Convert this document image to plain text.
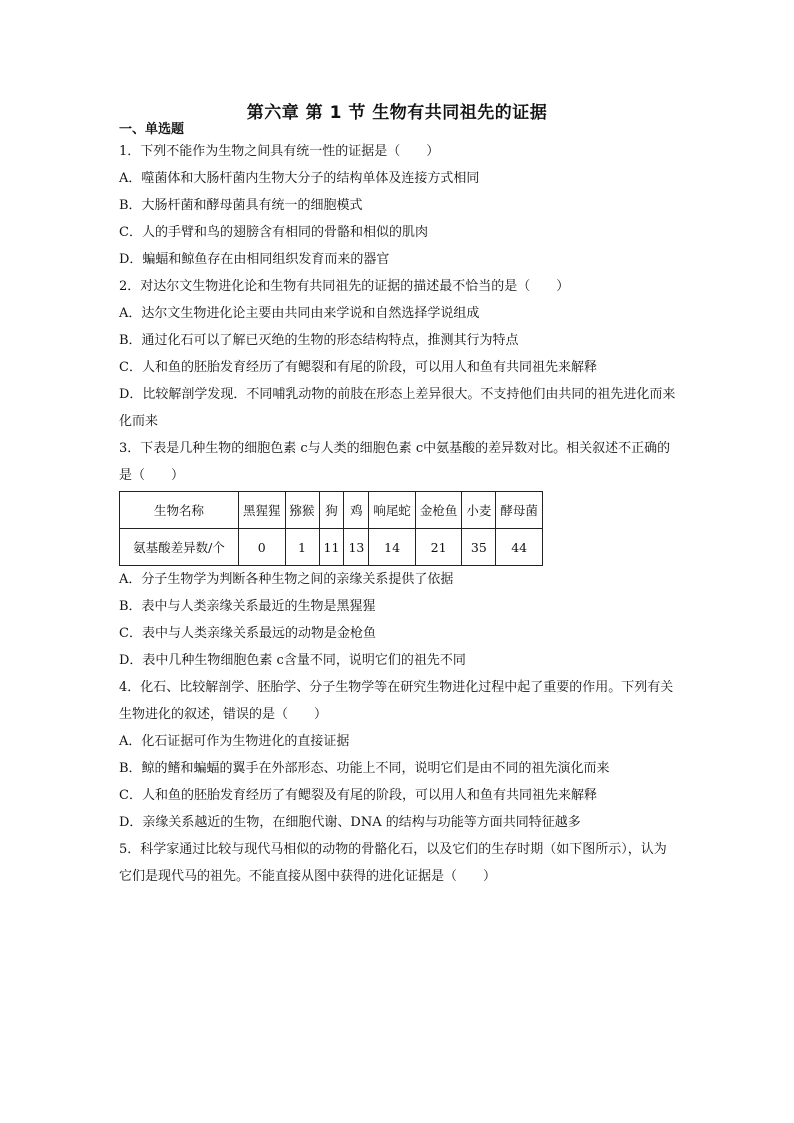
第六章 第 1 节 生物有共同祖先的证据
一、单选题
1．下列不能作为生物之间具有统一性的证据是（　　）
A．噬菌体和大肠杆菌内生物大分子的结构单体及连接方式相同
B．大肠杆菌和酵母菌具有统一的细胞模式
C．人的手臂和鸟的翅膀含有相同的骨骼和相似的肌肉
D．蝙蝠和鲸鱼存在由相同组织发育而来的器官
2．对达尔文生物进化论和生物有共同祖先的证据的描述最不恰当的是（　　）
A．达尔文生物进化论主要由共同由来学说和自然选择学说组成
B．通过化石可以了解已灭绝的生物的形态结构特点，推测其行为特点
C．人和鱼的胚胎发育经历了有鳃裂和有尾的阶段，可以用人和鱼有共同祖先来解释
D．比较解剖学发现．不同哺乳动物的前肢在形态上差异很大。不支持他们由共同的祖先进化而来化而来
3．下表是几种生物的细胞色素 c与人类的细胞色素 c中氨基酸的差异数对比。相关叙述不正确的是（　　）
生物名称	黑猩猩	猕猴	狗	鸡	响尾蛇	金枪鱼	小麦	酵母菌
氨基酸差异数/个	0	1	11	13	14	21	35	44
A．分子生物学为判断各种生物之间的亲缘关系提供了依据
B．表中与人类亲缘关系最近的生物是黑猩猩
C．表中与人类亲缘关系最远的动物是金枪鱼
D．表中几种生物细胞色素 c含量不同，说明它们的祖先不同
4．化石、比较解剖学、胚胎学、分子生物学等在研究生物进化过程中起了重要的作用。下列有关生物进化的叙述，错误的是（　　）
A．化石证据可作为生物进化的直接证据
B．鲸的鳍和蝙蝠的翼手在外部形态、功能上不同，说明它们是由不同的祖先演化而来
C．人和鱼的胚胎发育经历了有鳃裂及有尾的阶段，可以用人和鱼有共同祖先来解释
D．亲缘关系越近的生物，在细胞代谢、DNA 的结构与功能等方面共同特征越多
5．科学家通过比较与现代马相似的动物的骨骼化石，以及它们的生存时期（如下图所示），认为它们是现代马的祖先。不能直接从图中获得的进化证据是（　　）
